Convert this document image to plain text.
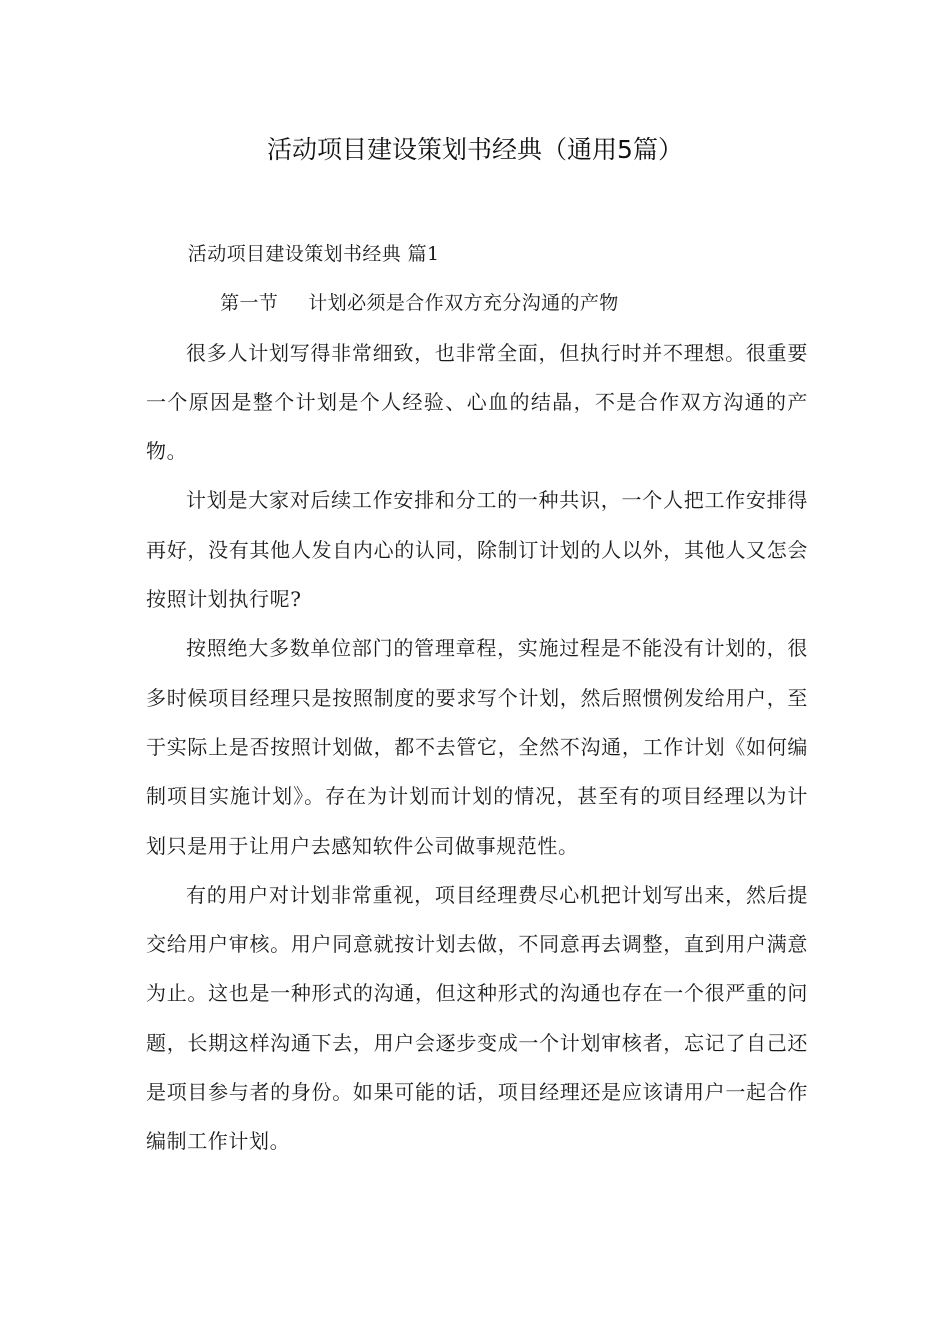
活动项目建设策划书经典（通用5篇）

活动项目建设策划书经典 篇1

第一节 计划必须是合作双方充分沟通的产物

很多人计划写得非常细致，也非常全面，但执行时并不理想。很重要一个原因是整个计划是个人经验、心血的结晶，不是合作双方沟通的产物。

计划是大家对后续工作安排和分工的一种共识，一个人把工作安排得再好，没有其他人发自内心的认同，除制订计划的人以外，其他人又怎会按照计划执行呢?

按照绝大多数单位部门的管理章程，实施过程是不能没有计划的，很多时候项目经理只是按照制度的要求写个计划，然后照惯例发给用户，至于实际上是否按照计划做，都不去管它，全然不沟通，工作计划《如何编制项目实施计划》。存在为计划而计划的情况，甚至有的项目经理以为计划只是用于让用户去感知软件公司做事规范性。

有的用户对计划非常重视，项目经理费尽心机把计划写出来，然后提交给用户审核。用户同意就按计划去做，不同意再去调整，直到用户满意为止。这也是一种形式的沟通，但这种形式的沟通也存在一个很严重的问题，长期这样沟通下去，用户会逐步变成一个计划审核者，忘记了自己还是项目参与者的身份。如果可能的话，项目经理还是应该请用户一起合作编制工作计划。
